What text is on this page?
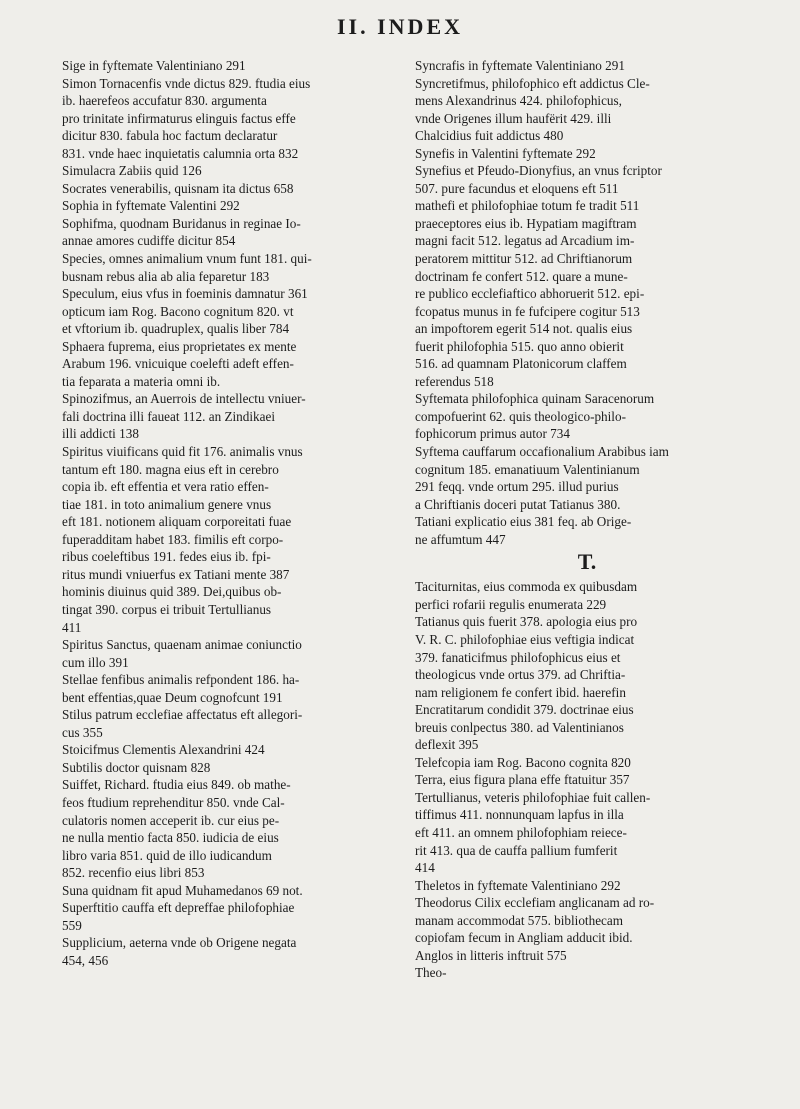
II. INDEX

Sige in fyftemate Valentiniano 291

Simon Tornacenfis vnde dictus 829. ftudia eius

ib. haerefeos accufatur 830. argumenta

pro trinitate infirmaturus elinguis factus effe

dicitur 830. fabula hoc factum declaratur

831. vnde haec inquietatis calumnia orta 832

Simulacra Zabiis quid 126

Socrates venerabilis, quisnam ita dictus 658

Sophia in fyftemate Valentini 292

Sophifma, quodnam Buridanus in reginae Io-

annae amores cudiffe dicitur 854

Species, omnes animalium vnum funt 181. qui-

busnam rebus alia ab alia feparetur 183

Speculum, eius vfus in foeminis damnatur 361

opticum iam Rog. Bacono cognitum 820. vt

et vftorium ib. quadruplex, qualis liber 784

Sphaera fuprema, eius proprietates ex mente

Arabum 196. vnicuique coelefti adeft effen-

tia feparata a materia omni ib.

Spinozifmus, an Auerrois de intellectu vniuer-

fali doctrina illi faueat 112. an Zindikaei

illi addicti 138

Spiritus viuificans quid fit 176. animalis vnus

tantum eft 180. magna eius eft in cerebro

copia ib. eft effentia et vera ratio effen-

tiae 181. in toto animalium genere vnus

eft 181. notionem aliquam corporeitati fuae

fuperadditam habet 183. fimilis eft corpo-

ribus coeleftibus 191. fedes eius ib. fpi-

ritus mundi vniuerfus ex Tatiani mente 387

hominis diuinus quid 389. Dei,quibus ob-

tingat 390. corpus ei tribuit Tertullianus

411

Spiritus Sanctus, quaenam animae coniunctio

cum illo 391

Stellae fenfibus animalis refpondent 186. ha-

bent effentias,quae Deum cognofcunt 191

Stilus patrum ecclefiae affectatus eft allegori-

cus 355

Stoicifmus Clementis Alexandrini 424

Subtilis doctor quisnam 828

Suiffet, Richard. ftudia eius 849. ob mathe-

feos ftudium reprehenditur 850. vnde Cal-

culatoris nomen acceperit ib. cur eius pe-

ne nulla mentio facta 850. iudicia de eius

libro varia 851. quid de illo iudicandum

852. recenfio eius libri 853

Suna quidnam fit apud Muhamedanos 69 not.

Superftitio cauffa eft depreffae philofophiae

559

Supplicium, aeterna vnde ob Origene negata

454, 456

Syncrafis in fyftemate Valentiniano 291

Syncretifmus, philofophico eft addictus Cle-

mens Alexandrinus 424. philofophicus,

vnde Origenes illum haufërit 429. illi

Chalcidius fuit addictus 480

Synefis in Valentini fyftemate 292

Synefius et Pfeudo-Dionyfius, an vnus fcriptor

507. pure facundus et eloquens eft 511

mathefi et philofophiae totum fe tradit 511

praeceptores eius ib. Hypatiam magiftram

magni facit 512. legatus ad Arcadium im-

peratorem mittitur 512. ad Chriftianorum

doctrinam fe confert 512. quare a mune-

re publico ecclefiaftico abhoruerit 512. epi-

fcopatus munus in fe fufcipere cogitur 513

an impoftorem egerit 514 not. qualis eius

fuerit philofophia 515. quo anno obierit

516. ad quamnam Platonicorum claffem

referendus 518

Syftemata philofophica quinam Saracenorum

compofuerint 62. quis theologico-philo-

fophicorum primus autor 734

Syftema cauffarum occafionalium Arabibus iam

cognitum 185. emanatiuum Valentinianum

291 feqq. vnde ortum 295. illud purius

a Chriftianis doceri putat Tatianus 380.

Tatiani explicatio eius 381 feq. ab Orige-

ne affumtum 447

T.

Taciturnitas, eius commoda ex quibusdam

perfici rofarii regulis enumerata 229

Tatianus quis fuerit 378. apologia eius pro

V. R. C. philofophiae eius veftigia indicat

379. fanaticifmus philofophicus eius et

theologicus vnde ortus 379. ad Chriftia-

nam religionem fe confert ibid. haerefin

Encratitarum condidit 379. doctrinae eius

breuis conlpectus 380. ad Valentinianos

deflexit 395

Telefcopia iam Rog. Bacono cognita 820

Terra, eius figura plana effe ftatuitur 357

Tertullianus, veteris philofophiae fuit callen-

tiffimus 411. nonnunquam lapfus in illa

eft 411. an omnem philofophiam reiece-

rit 413. qua de cauffa pallium fumferit

414

Theletos in fyftemate Valentiniano 292

Theodorus Cilix ecclefiam anglicanam ad ro-

manam accommodat 575. bibliothecam

copiofam fecum in Angliam adducit ibid.

Anglos in litteris inftruit 575

Theo-
